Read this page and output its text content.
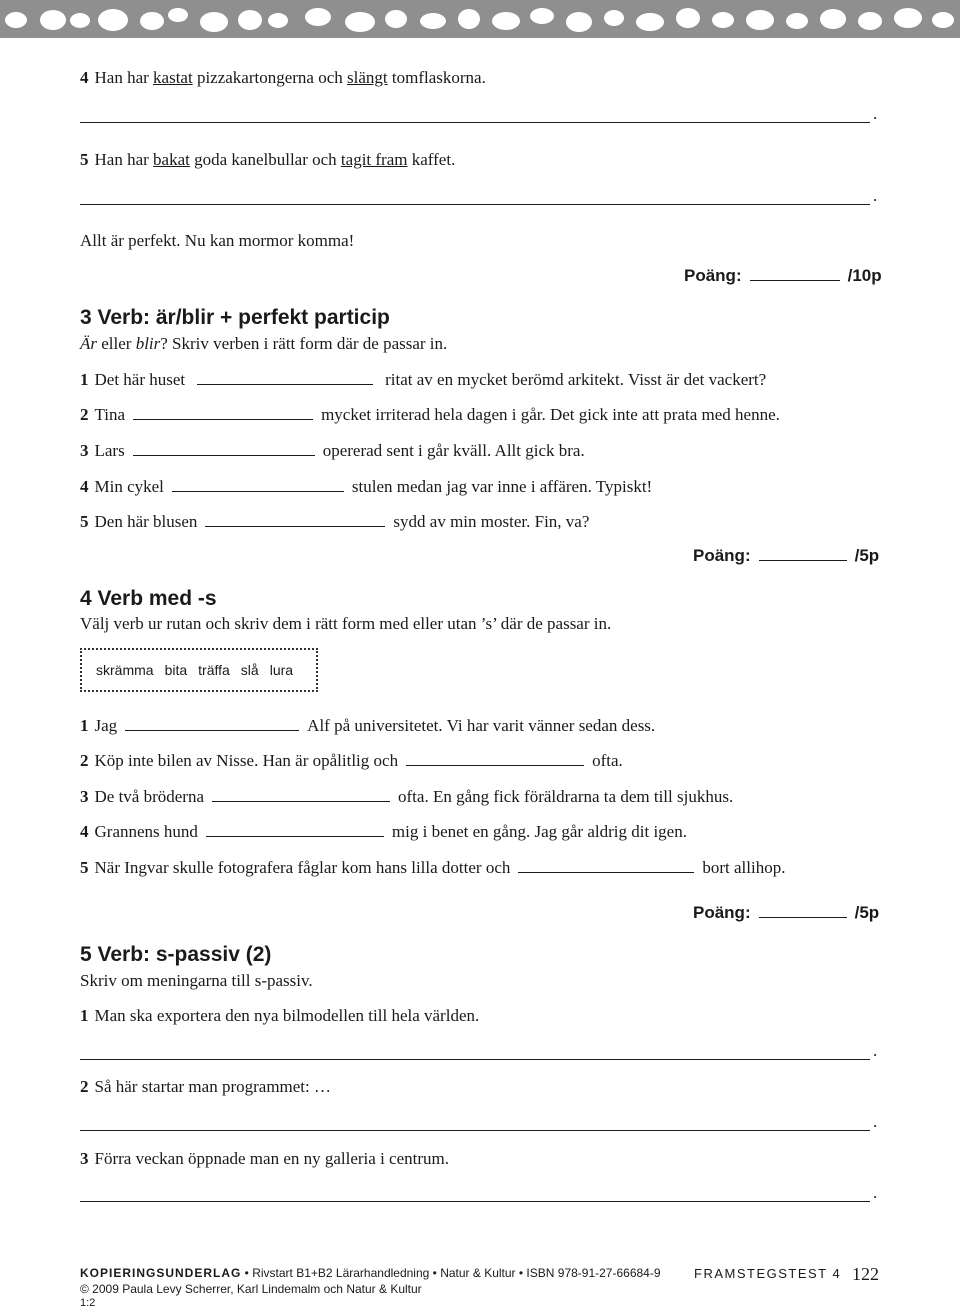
4 Han har kastat pizzakartongerna och slängt tomflaskorna.
.
5 Han har bakat goda kanelbullar och tagit fram kaffet.
.
Allt är perfekt. Nu kan mormor komma!
Poäng:	/10p
3 Verb: är/blir + perfekt particip
Är eller blir? Skriv verben i rätt form där de passar in.
1 Det här huset	ritat av en mycket berömd arkitekt. Visst är det vackert?
2 Tina	mycket irriterad hela dagen i går. Det gick inte att prata med henne.
3 Lars	opererad sent i går kväll. Allt gick bra.
4 Min cykel	stulen medan jag var inne i affären. Typiskt!
5 Den här blusen	sydd av min moster. Fin, va?
Poäng:	/5p
4 Verb med -s
Välj verb ur rutan och skriv dem i rätt form med eller utan ’s’ där de passar in.
skrämma bita träffa slå lura
1 Jag	Alf på universitetet. Vi har varit vänner sedan dess.
2 Köp inte bilen av Nisse. Han är opålitlig och	ofta.
3 De två bröderna	ofta. En gång fick föräldrarna ta dem till sjukhus.
4 Grannens hund	mig i benet en gång. Jag går aldrig dit igen.
5 När Ingvar skulle fotografera fåglar kom hans lilla dotter och	bort allihop.
Poäng:	/5p
5 Verb: s-passiv (2)
Skriv om meningarna till s-passiv.
1 Man ska exportera den nya bilmodellen till hela världen.
.
2 Så här startar man programmet: …
.
3 Förra veckan öppnade man en ny galleria i centrum.
.
KOPIERINGSUNDERLAG • Rivstart B1+B2 Lärarhandledning • Natur & Kultur • ISBN 978-91-27-66684-9
© 2009 Paula Levy Scherrer, Karl Lindemalm och Natur & Kultur
1:2
FRAMSTEGSTEST 4 122
